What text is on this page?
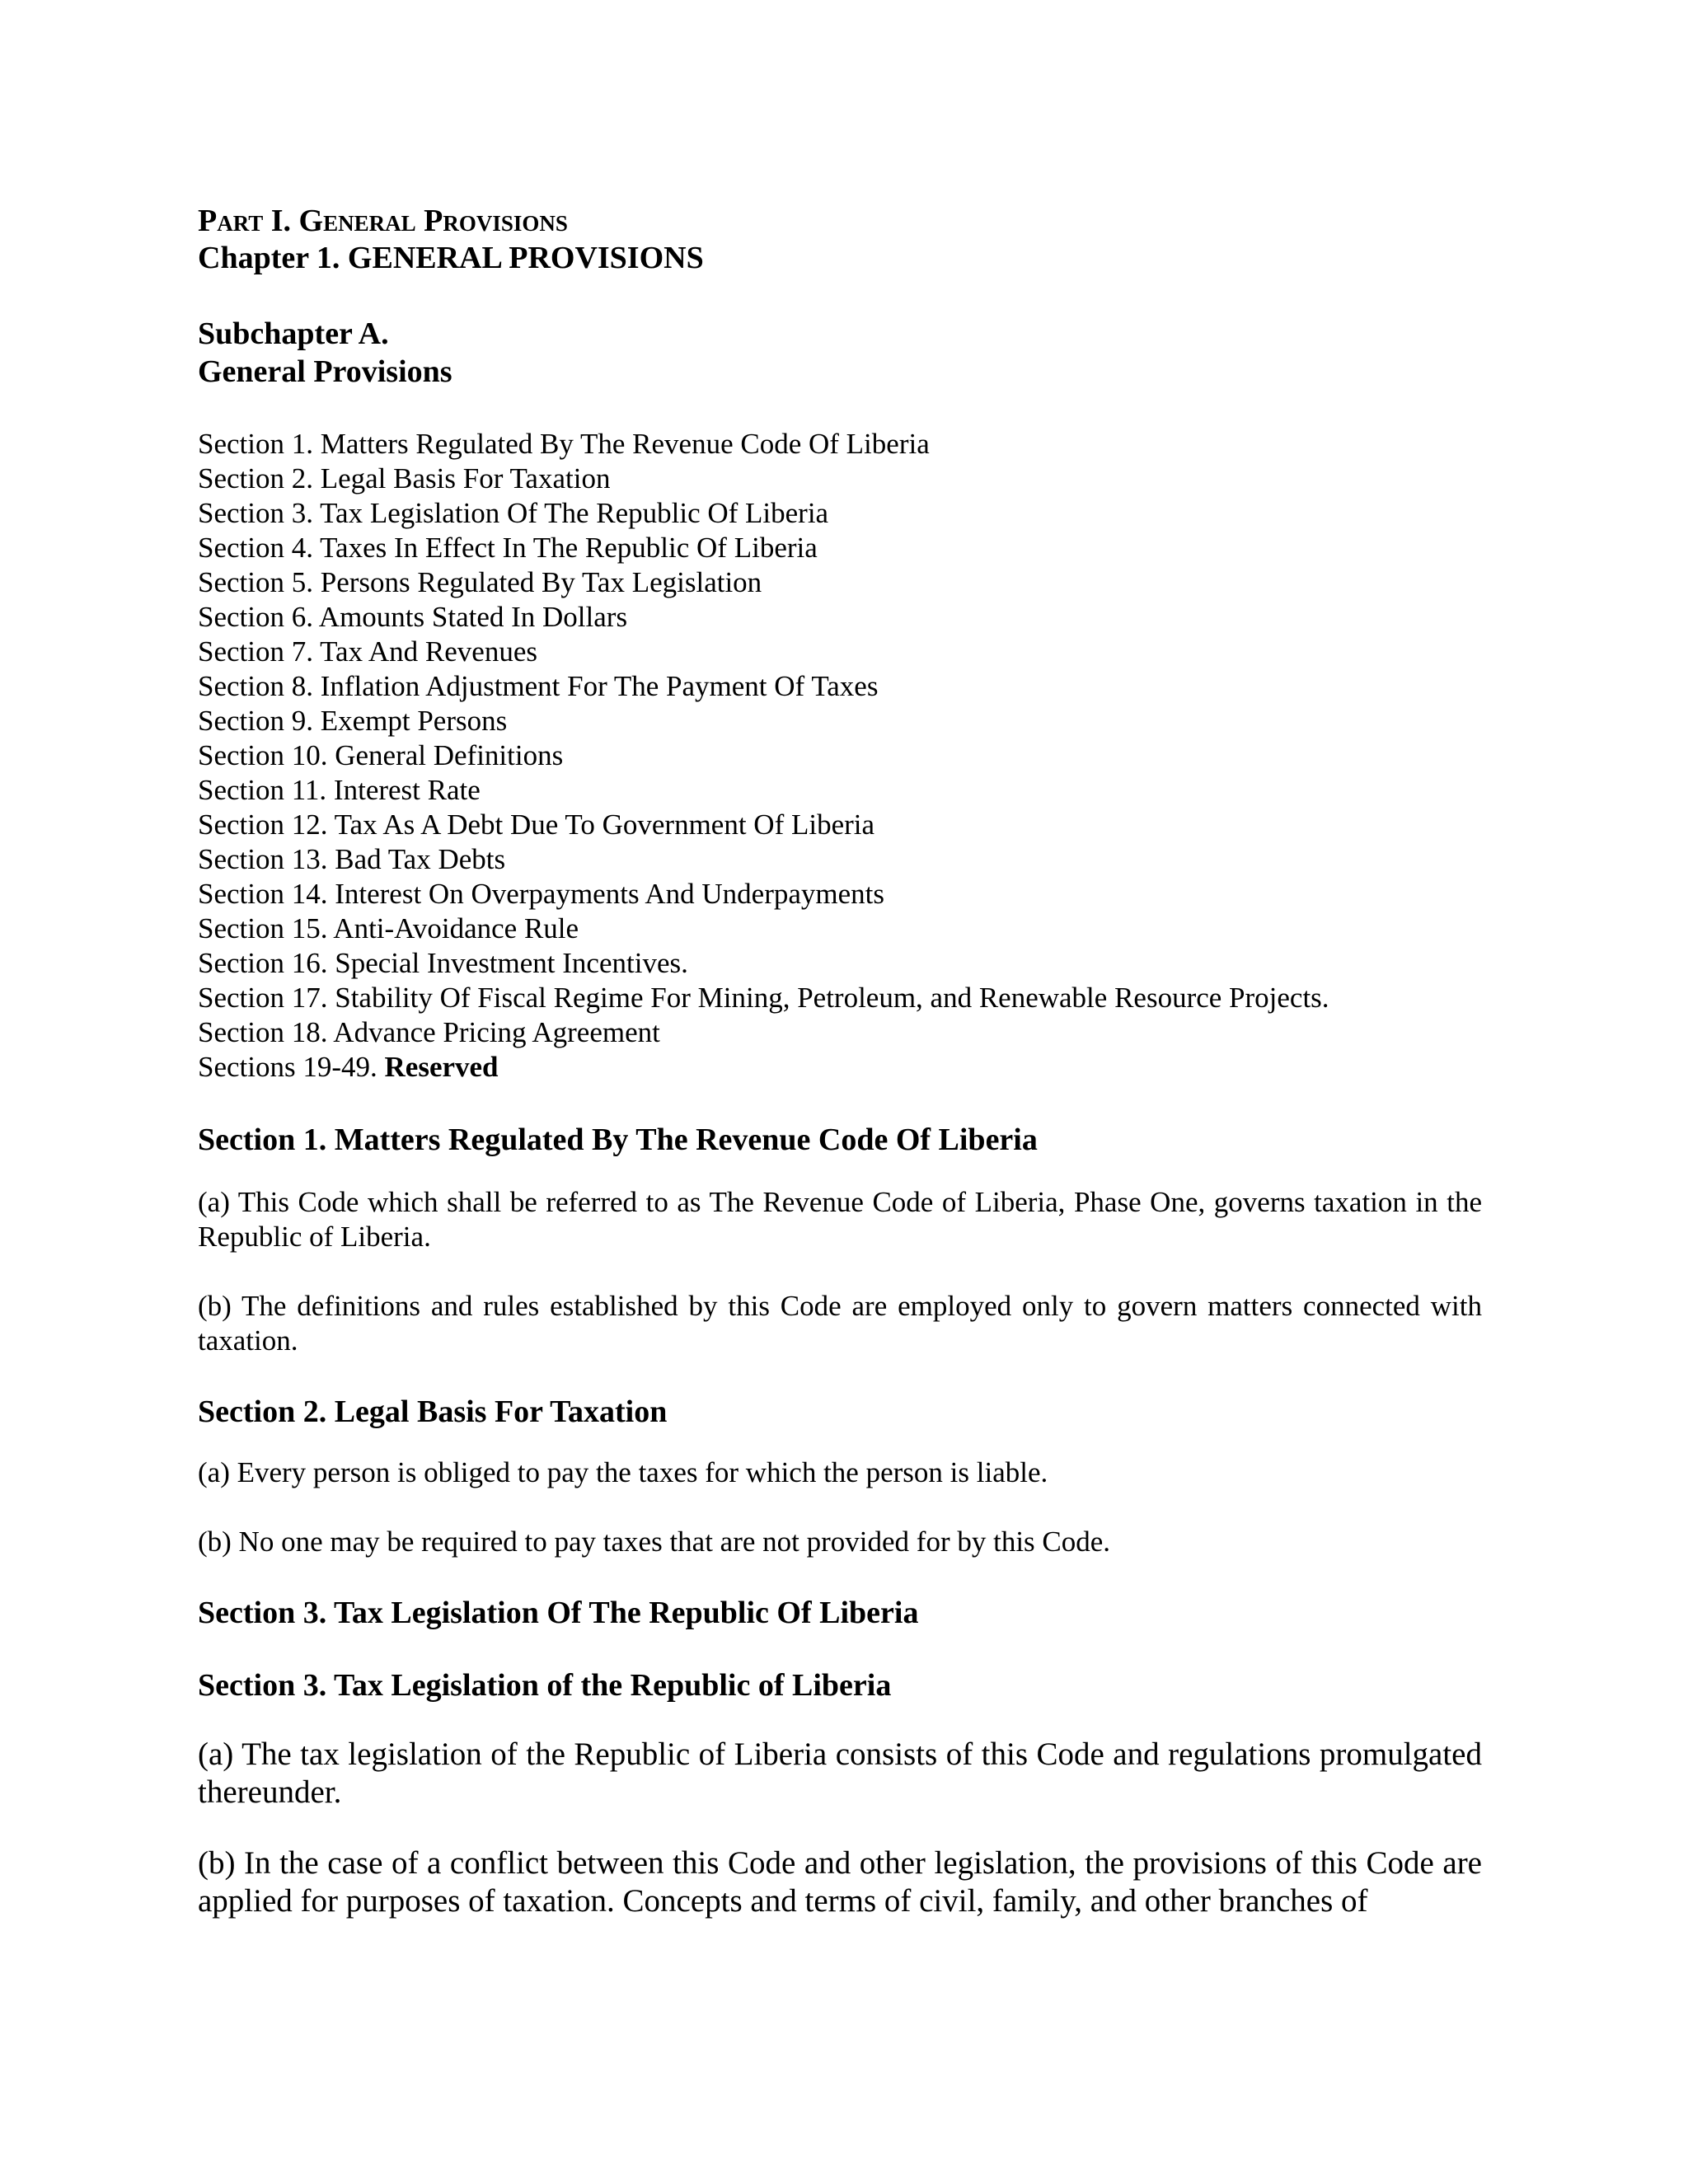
Part I. General Provisions
Chapter 1. GENERAL PROVISIONS
Subchapter A.
General Provisions
Section 1. Matters Regulated By The Revenue Code Of Liberia
Section 2. Legal Basis For Taxation
Section 3. Tax Legislation Of The Republic Of Liberia
Section 4. Taxes In Effect In The Republic Of Liberia
Section 5. Persons Regulated By Tax Legislation
Section 6. Amounts Stated In Dollars
Section 7. Tax And Revenues
Section 8. Inflation Adjustment For The Payment Of Taxes
Section 9. Exempt Persons
Section 10. General Definitions
Section 11. Interest Rate
Section 12. Tax As A Debt Due To Government Of Liberia
Section 13. Bad Tax Debts
Section 14. Interest On Overpayments And Underpayments
Section 15. Anti-Avoidance Rule
Section 16. Special Investment Incentives.
Section 17. Stability Of Fiscal Regime For Mining, Petroleum, and Renewable Resource Projects.
Section 18. Advance Pricing Agreement
Sections 19-49. Reserved
Section 1. Matters Regulated By The Revenue Code Of Liberia

(a) This Code which shall be referred to as The Revenue Code of Liberia, Phase One, governs taxation in the Republic of Liberia.

(b) The definitions and rules established by this Code are employed only to govern matters connected with taxation.

Section 2. Legal Basis For Taxation

(a) Every person is obliged to pay the taxes for which the person is liable.

(b) No one may be required to pay taxes that are not provided for by this Code.

Section 3. Tax Legislation Of The Republic Of Liberia
Section 3. Tax Legislation of the Republic of Liberia

(a) The tax legislation of the Republic of Liberia consists of this Code and regulations promulgated thereunder.

(b) In the case of a conflict between this Code and other legislation, the provisions of this Code are applied for purposes of taxation. Concepts and terms of civil, family, and other branches of
